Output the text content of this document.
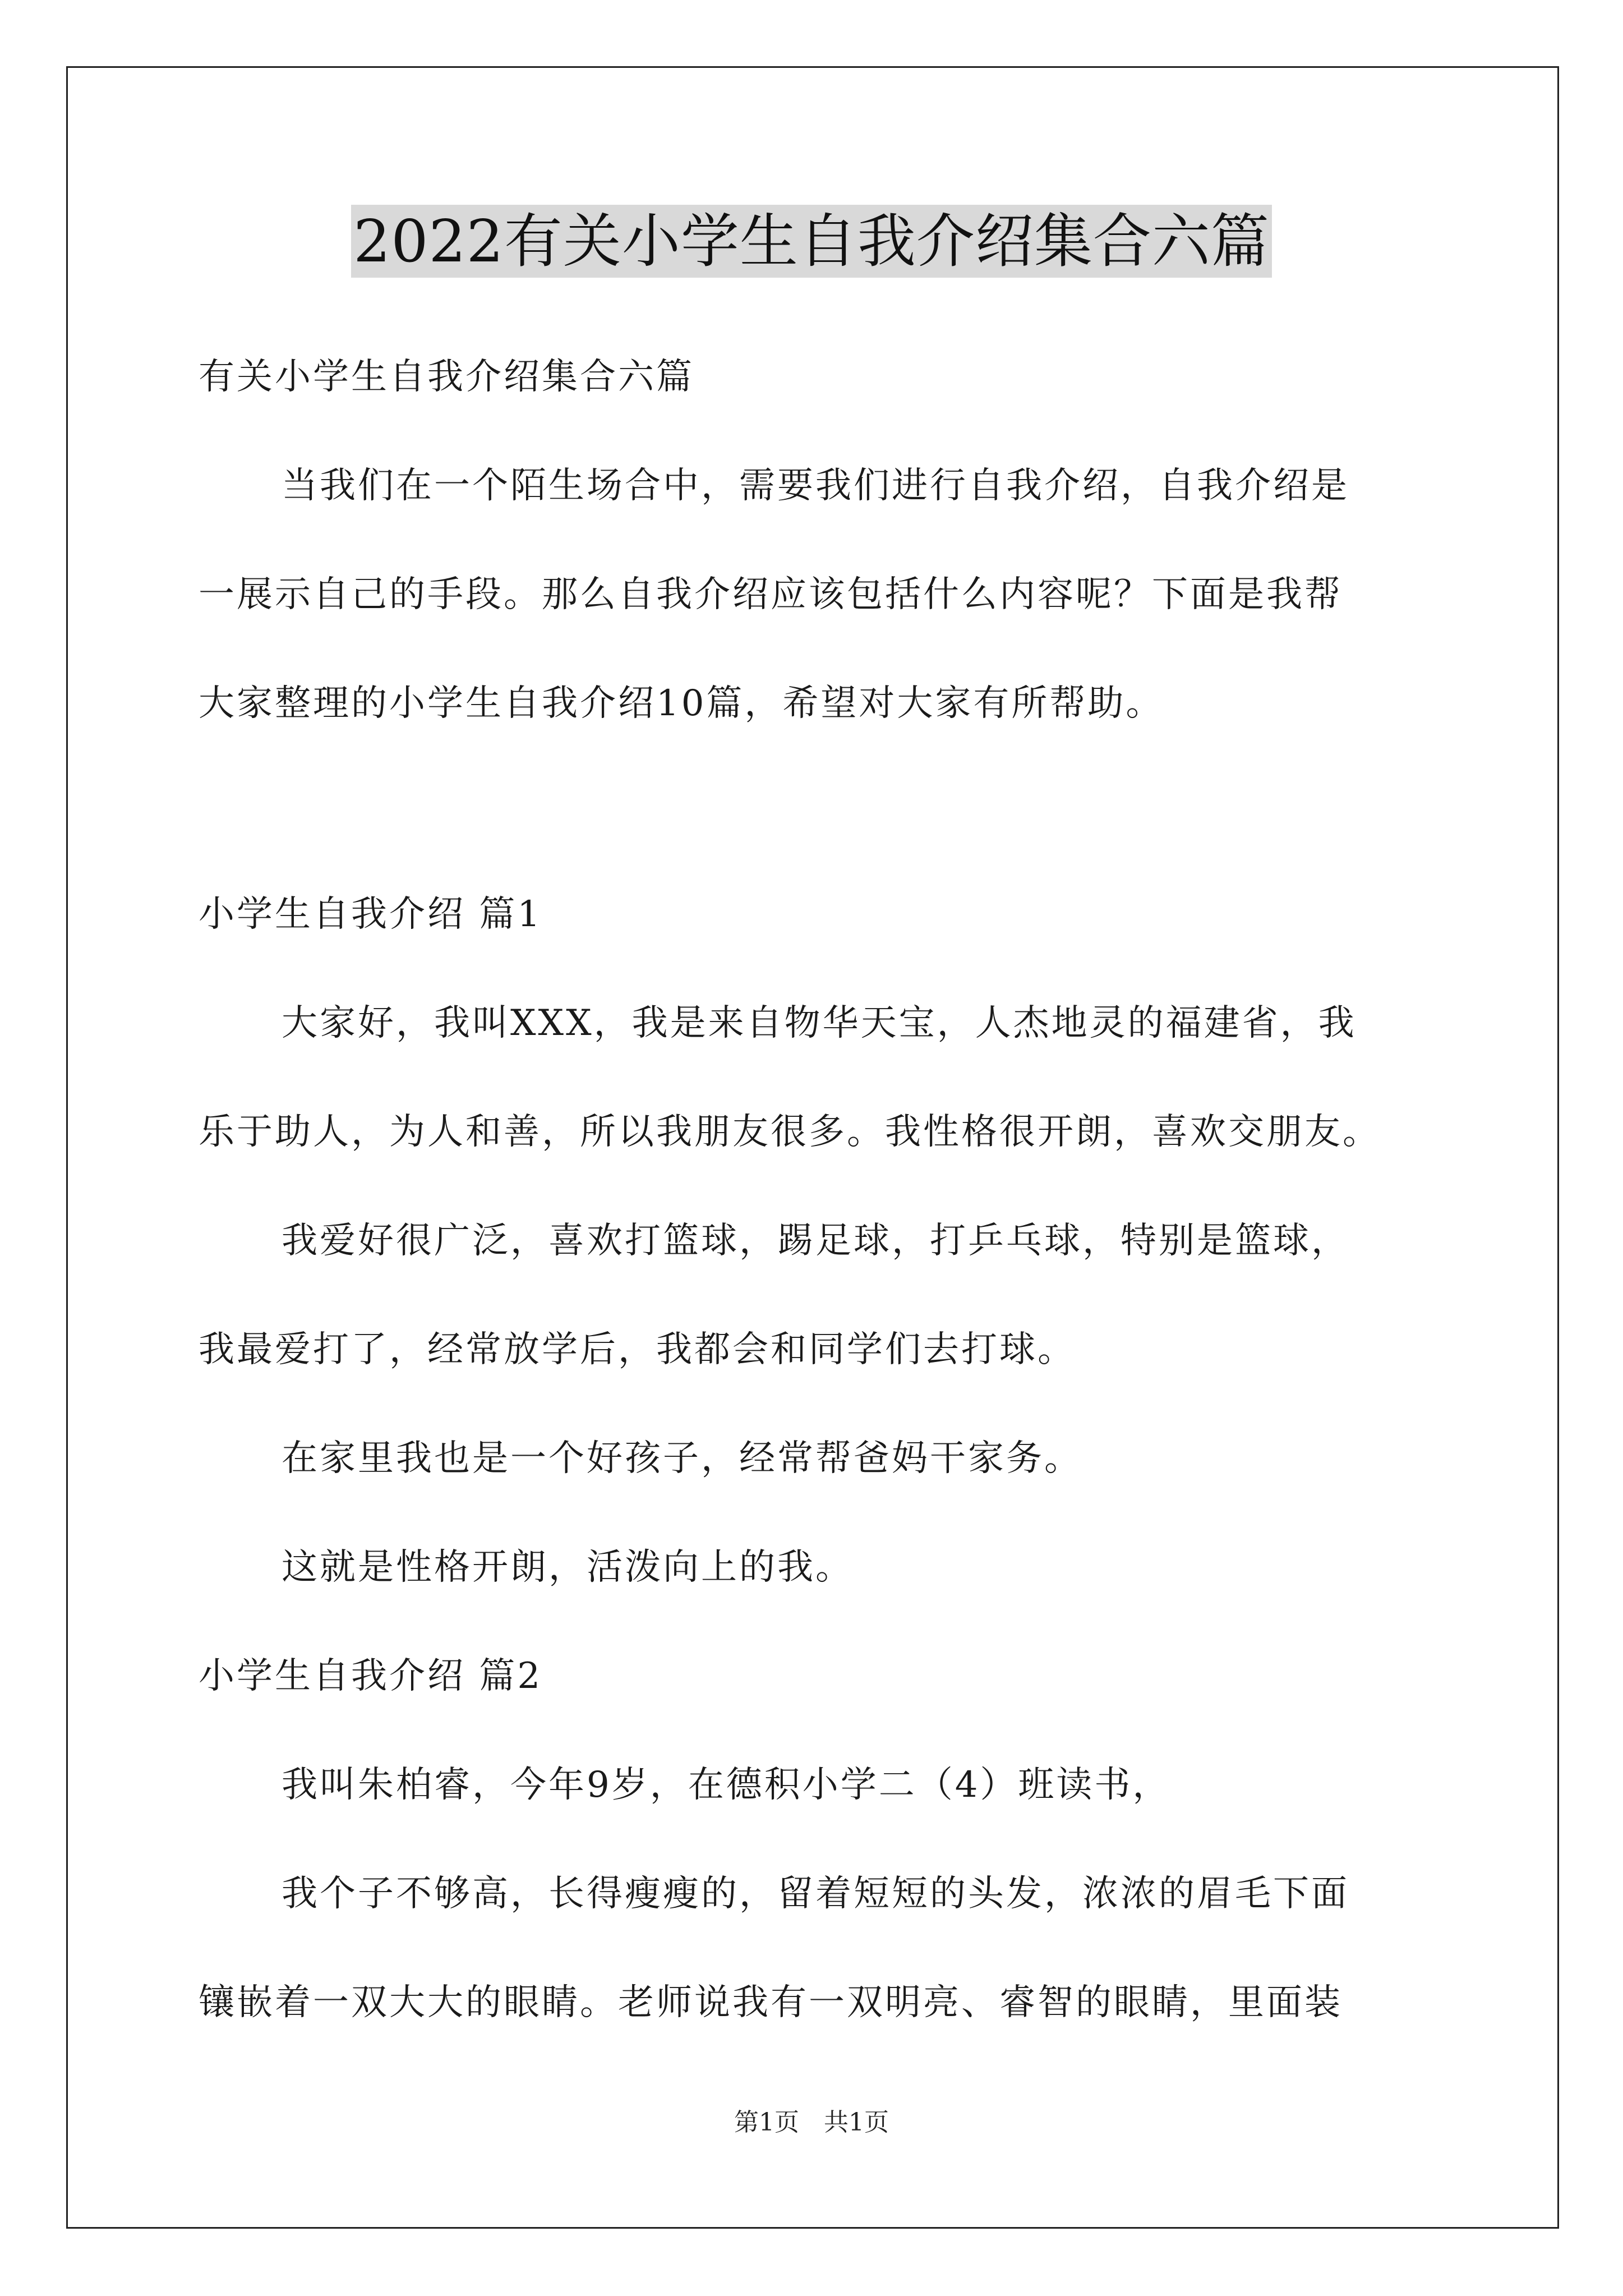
2022有关小学生自我介绍集合六篇
有关小学生自我介绍集合六篇
当我们在一个陌生场合中，需要我们进行自我介绍，自我介绍是
一展示自己的手段。那么自我介绍应该包括什么内容呢？下面是我帮
大家整理的小学生自我介绍10篇，希望对大家有所帮助。
小学生自我介绍 篇1
大家好，我叫XXX，我是来自物华天宝，人杰地灵的福建省，我
乐于助人，为人和善，所以我朋友很多。我性格很开朗，喜欢交朋友。
我爱好很广泛，喜欢打篮球，踢足球，打乒乓球，特别是篮球，
我最爱打了，经常放学后，我都会和同学们去打球。
在家里我也是一个好孩子，经常帮爸妈干家务。
这就是性格开朗，活泼向上的我。
小学生自我介绍 篇2
我叫朱柏睿，今年9岁，在德积小学二（4）班读书，
我个子不够高，长得瘦瘦的，留着短短的头发，浓浓的眉毛下面
镶嵌着一双大大的眼睛。老师说我有一双明亮、睿智的眼睛，里面装
第1页　共1页
